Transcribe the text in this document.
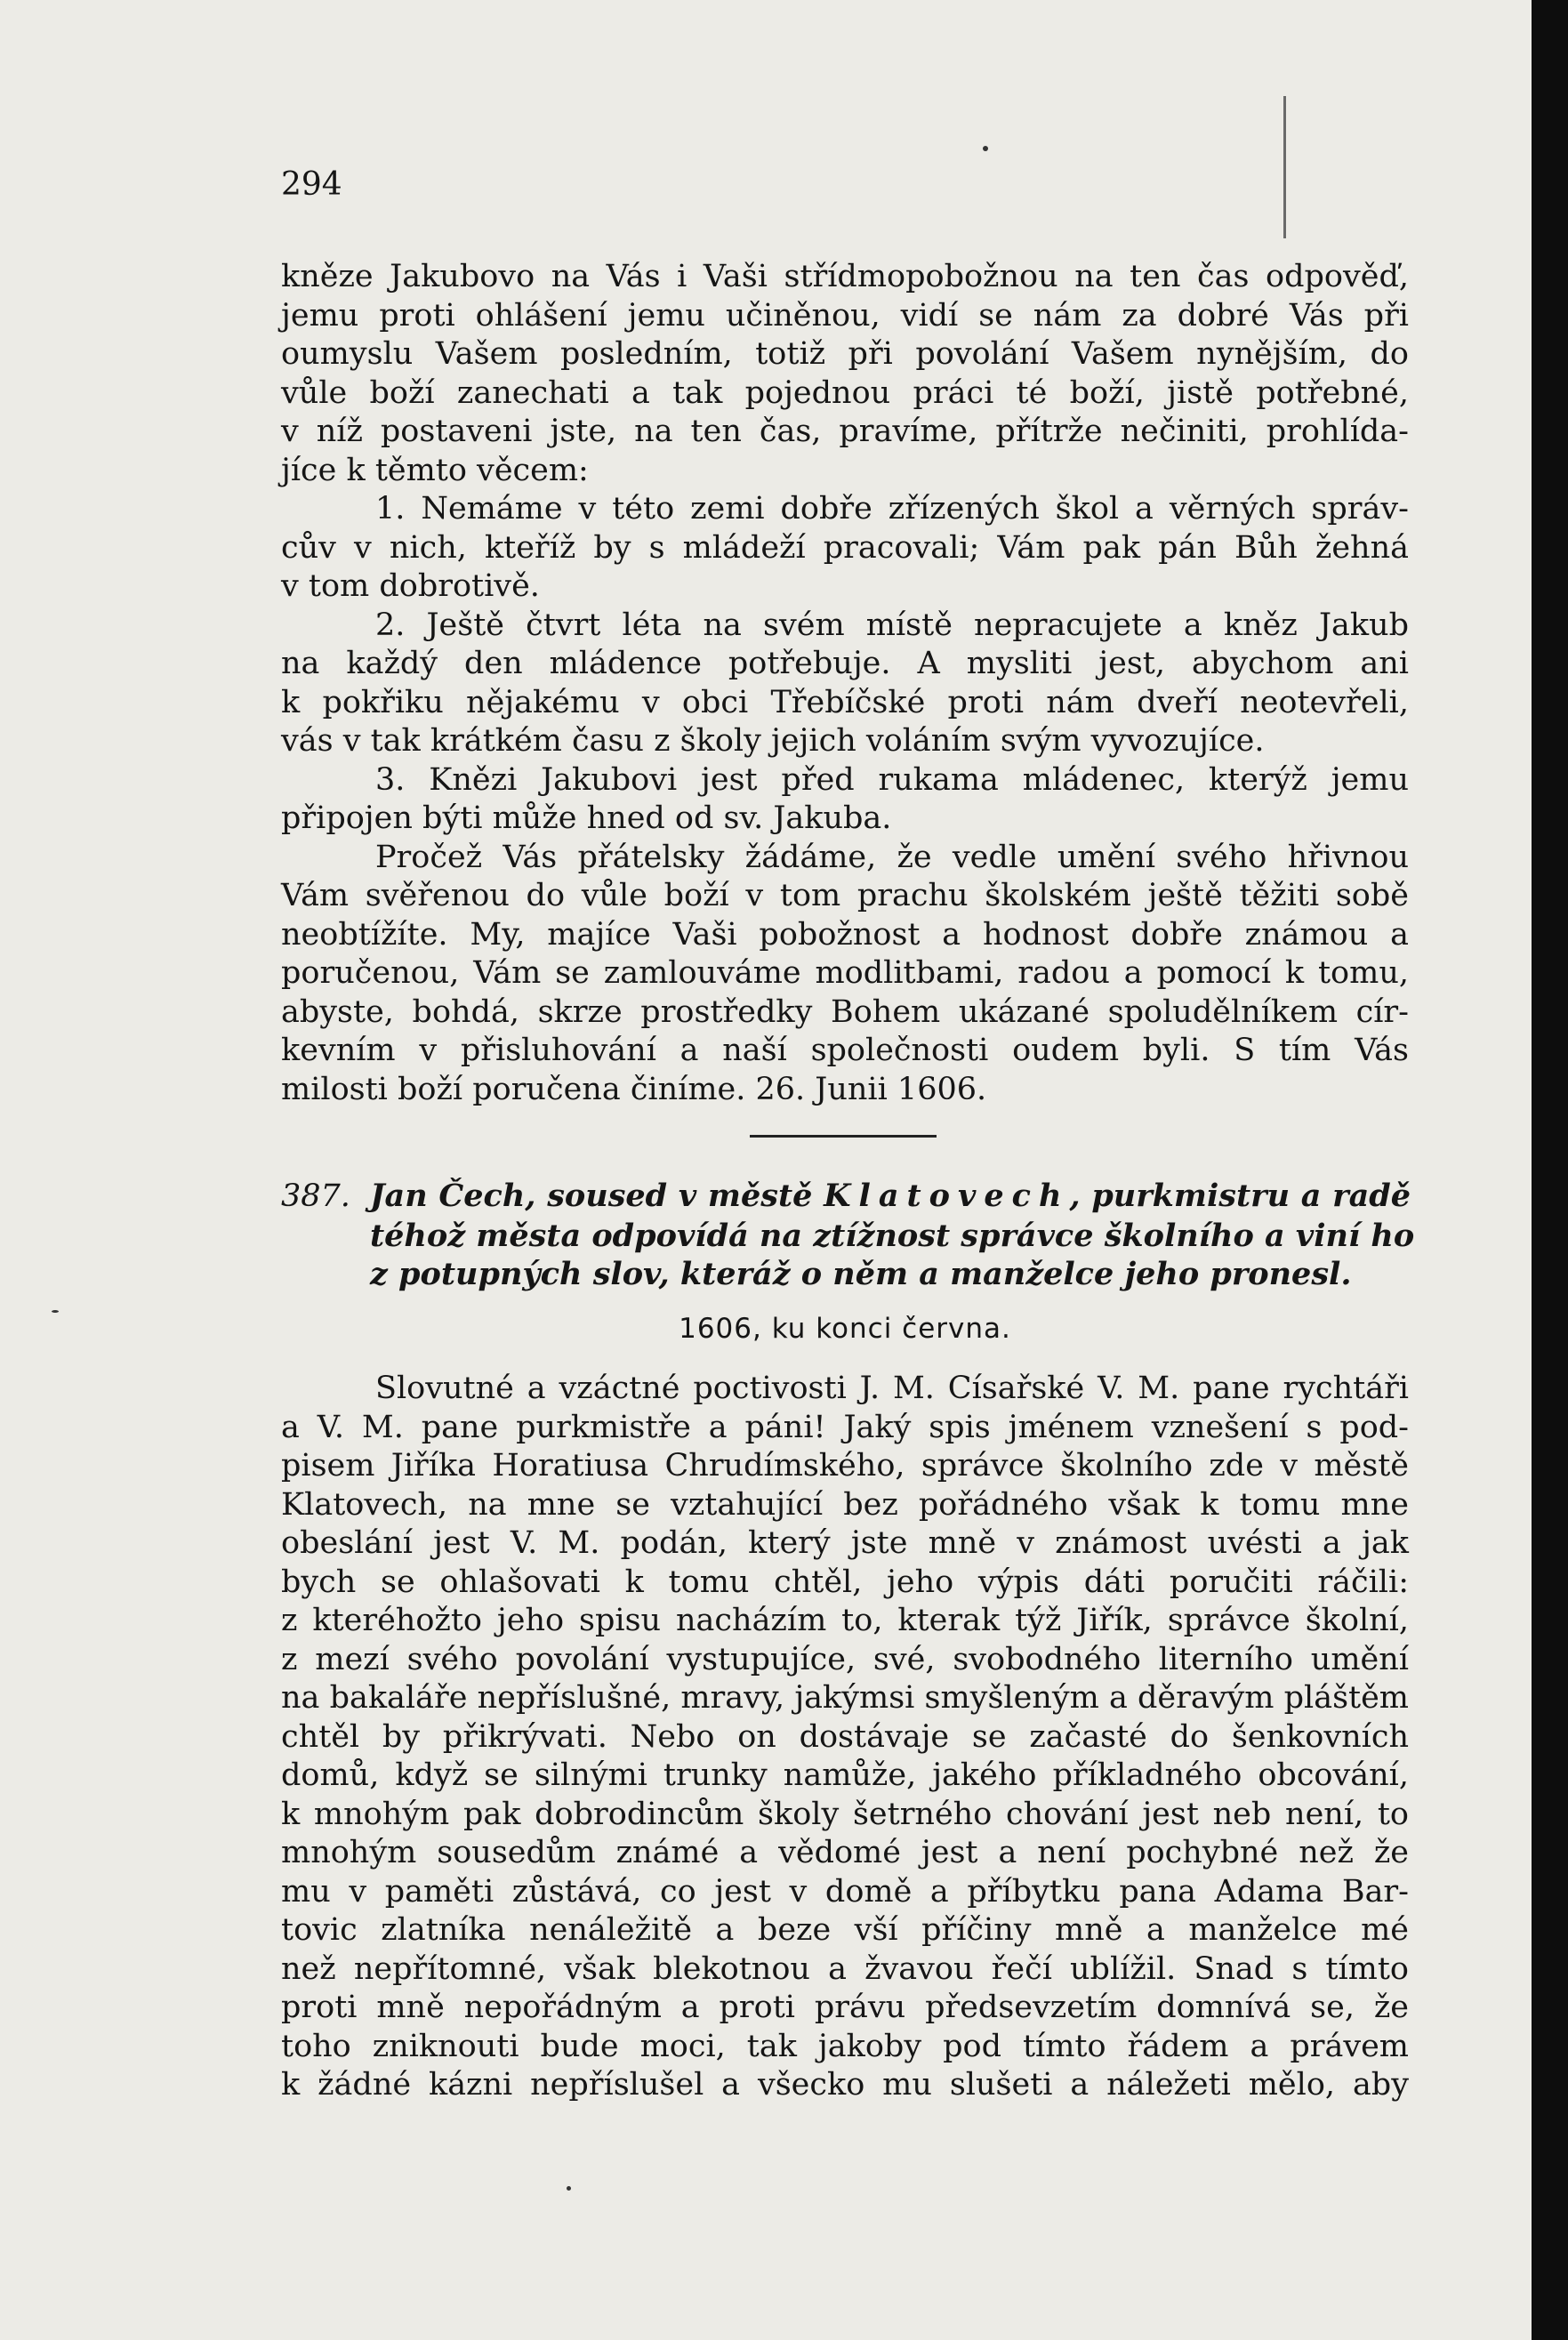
294
kněze Jakubovo na Vás i Vaši střídmopobožnou na ten čas odpověď,
jemu proti ohlášení jemu učiněnou, vidí se nám za dobré Vás při
oumyslu Vašem posledním, totiž při povolání Vašem nynějším, do
vůle boží zanechati a tak pojednou práci té boží, jistě potřebné,
v níž postaveni jste, na ten čas, pravíme, přítrže nečiniti, prohlída-
jíce k těmto věcem:
1. Nemáme v této zemi dobře zřízených škol a věrných správ-
cův v nich, kteříž by s mládeží pracovali; Vám pak pán Bůh žehná
v tom dobrotivě.
2. Ještě čtvrt léta na svém místě nepracujete a kněz Jakub
na každý den mládence potřebuje. A mysliti jest, abychom ani
k pokřiku nějakému v obci Třebíčské proti nám dveří neotevřeli,
vás v tak krátkém času z školy jejich voláním svým vyvozujíce.
3. Knězi Jakubovi jest před rukama mládenec, kterýž jemu
připojen býti může hned od sv. Jakuba.
Pročež Vás přátelsky žádáme, že vedle umění svého hřivnou
Vám svěřenou do vůle boží v tom prachu školském ještě těžiti sobě
neobtížíte. My, majíce Vaši pobožnost a hodnost dobře známou a
poručenou, Vám se zamlouváme modlitbami, radou a pomocí k tomu,
abyste, bohdá, skrze prostředky Bohem ukázané spoludělníkem cír-
kevním v přisluhování a naší společnosti oudem byli. S tím Vás
milosti boží poručena činíme. 26. Junii 1606.
387. Jan Čech, soused v městě Klatovech, purkmistru a radě
téhož města odpovídá na ztížnost správce školního a viní ho
z potupných slov, kteráž o něm a manželce jeho pronesl.
1606, ku konci června.
Slovutné a vzáctné poctivosti J. M. Císařské V. M. pane rychtáři
a V. M. pane purkmistře a páni! Jaký spis jménem vznešení s pod-
pisem Jiříka Horatiusa Chrudímského, správce školního zde v městě
Klatovech, na mne se vztahující bez pořádného však k tomu mne
obeslání jest V. M. podán, který jste mně v známost uvésti a jak
bych se ohlašovati k tomu chtěl, jeho výpis dáti poručiti ráčili:
z kteréhožto jeho spisu nacházím to, kterak týž Jiřík, správce školní,
z mezí svého povolání vystupujíce, své, svobodného literního umění
na bakaláře nepříslušné, mravy, jakýmsi smyšleným a děravým pláštěm
chtěl by přikrývati. Nebo on dostávaje se začasté do šenkovních
domů, když se silnými trunky namůže, jakého příkladného obcování,
k mnohým pak dobrodincům školy šetrného chování jest neb není, to
mnohým sousedům známé a vědomé jest a není pochybné než že
mu v paměti zůstává, co jest v domě a příbytku pana Adama Bar-
tovic zlatníka nenáležitě a beze vší příčiny mně a manželce mé
než nepřítomné, však blekotnou a žvavou řečí ublížil. Snad s tímto
proti mně nepořádným a proti právu předsevzetím domnívá se, že
toho zniknouti bude moci, tak jakoby pod tímto řádem a právem
k žádné kázni nepříslušel a všecko mu slušeti a náležeti mělo, aby
